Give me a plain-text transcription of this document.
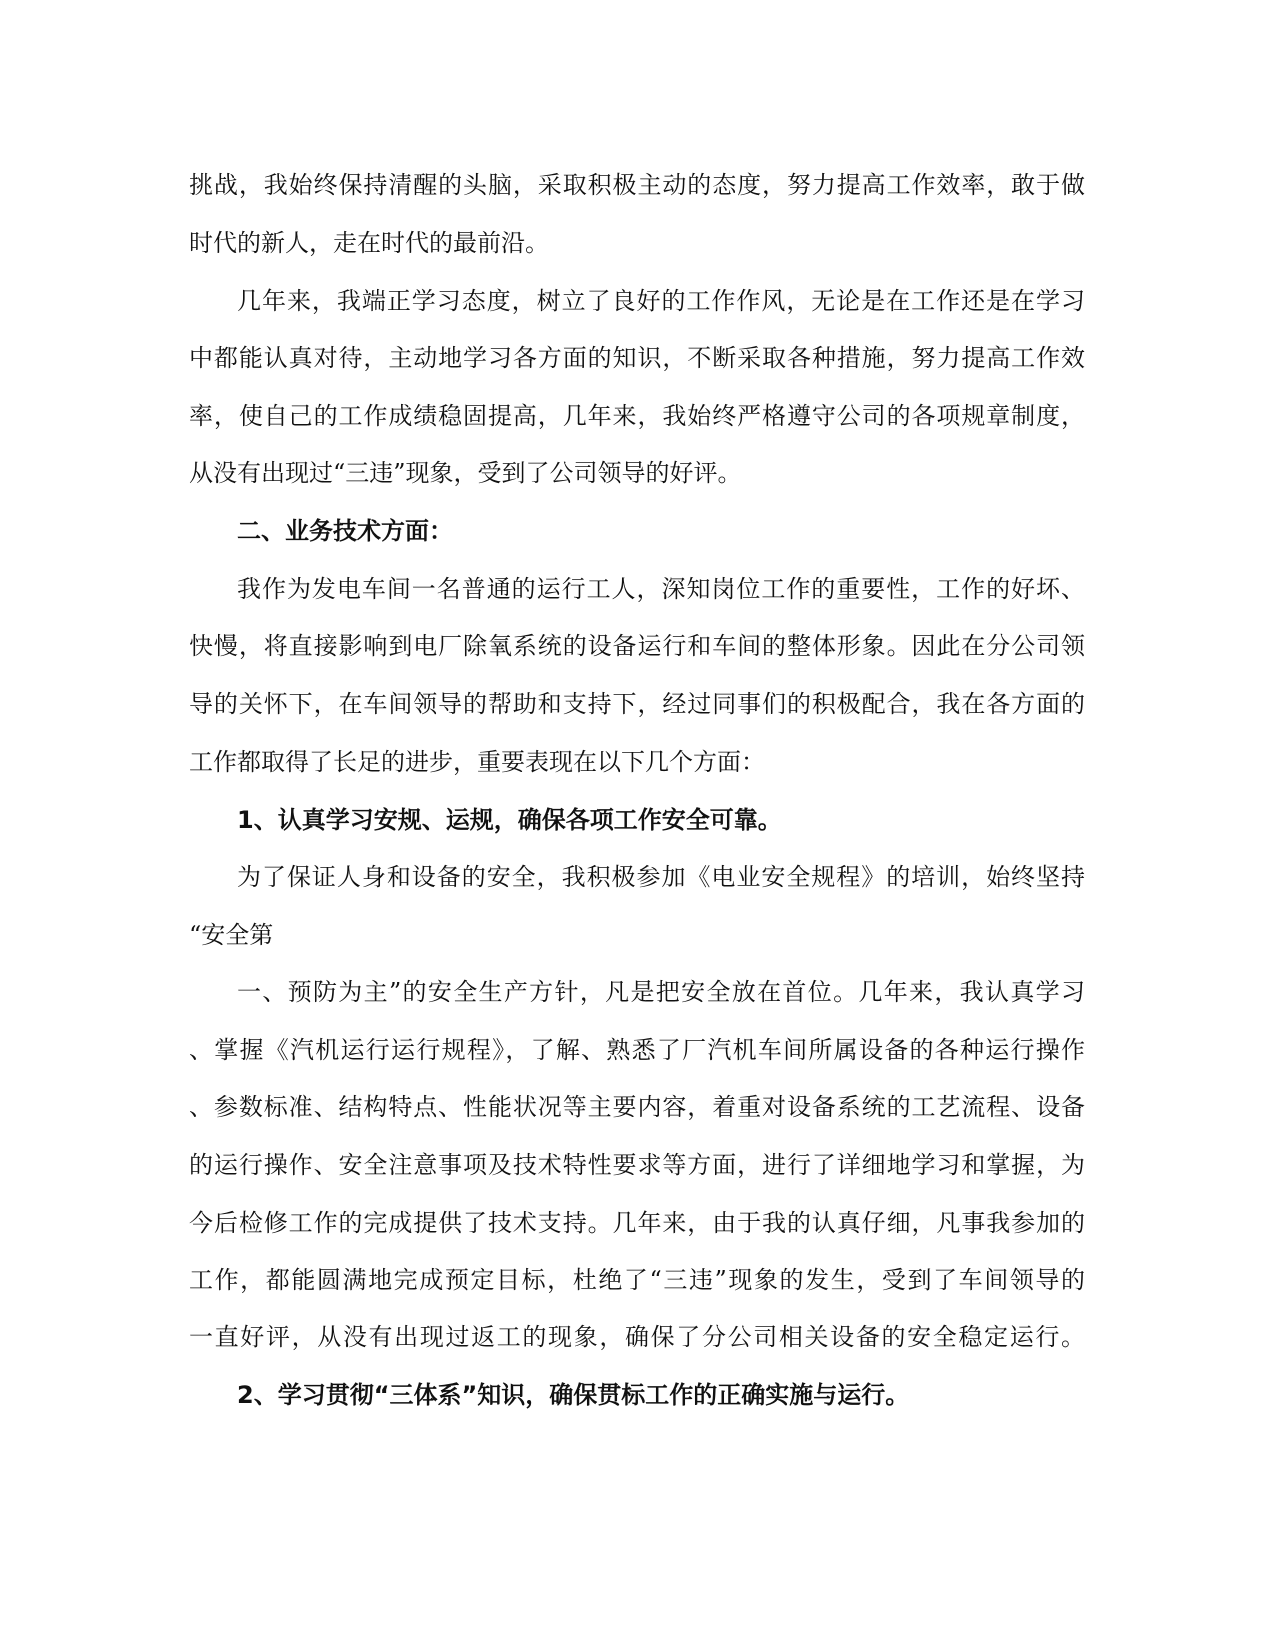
挑战，我始终保持清醒的头脑，采取积极主动的态度，努力提高工作效率，敢于做
时代的新人，走在时代的最前沿。
几年来，我端正学习态度，树立了良好的工作作风，无论是在工作还是在学习
中都能认真对待，主动地学习各方面的知识，不断采取各种措施，努力提高工作效
率，使自己的工作成绩稳固提高，几年来，我始终严格遵守公司的各项规章制度，
从没有出现过“三违”现象，受到了公司领导的好评。
二、业务技术方面：
我作为发电车间一名普通的运行工人，深知岗位工作的重要性，工作的好坏、
快慢，将直接影响到电厂除氧系统的设备运行和车间的整体形象。因此在分公司领
导的关怀下，在车间领导的帮助和支持下，经过同事们的积极配合，我在各方面的
工作都取得了长足的进步，重要表现在以下几个方面：
1、认真学习安规、运规，确保各项工作安全可靠。
为了保证人身和设备的安全，我积极参加《电业安全规程》的培训，始终坚持
“安全第
一、预防为主”的安全生产方针，凡是把安全放在首位。几年来，我认真学习
、掌握《汽机运行运行规程》，了解、熟悉了厂汽机车间所属设备的各种运行操作
、参数标准、结构特点、性能状况等主要内容，着重对设备系统的工艺流程、设备
的运行操作、安全注意事项及技术特性要求等方面，进行了详细地学习和掌握，为
今后检修工作的完成提供了技术支持。几年来，由于我的认真仔细，凡事我参加的
工作，都能圆满地完成预定目标，杜绝了“三违”现象的发生，受到了车间领导的
一直好评，从没有出现过返工的现象，确保了分公司相关设备的安全稳定运行。
2、学习贯彻“三体系”知识，确保贯标工作的正确实施与运行。
